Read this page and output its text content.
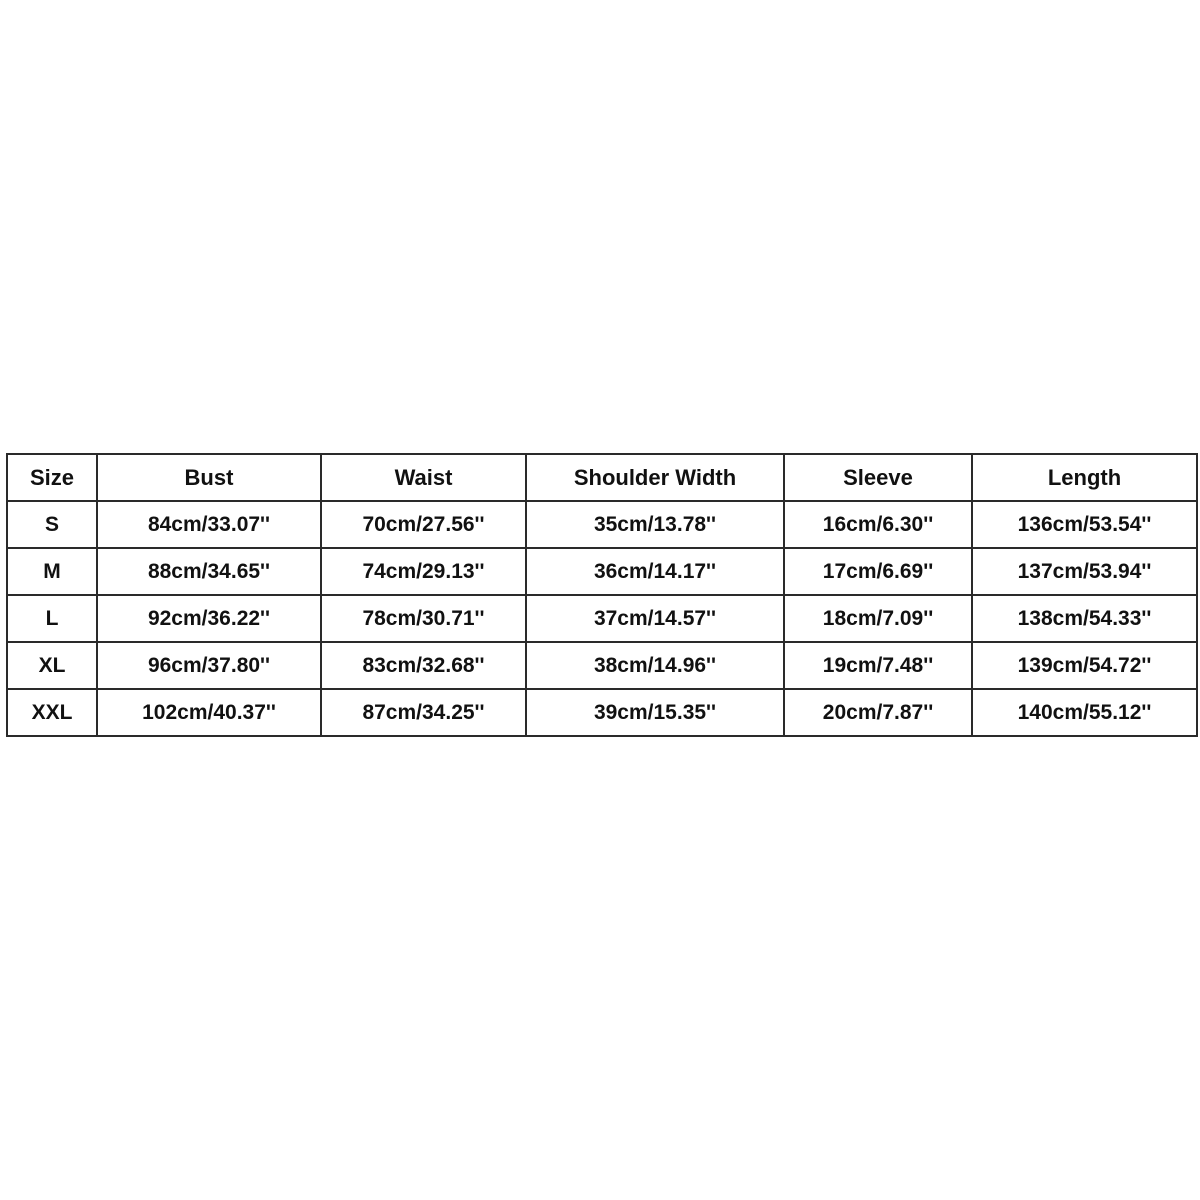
Size	Bust	Waist	Shoulder Width	Sleeve	Length
S	84cm/33.07''	70cm/27.56''	35cm/13.78''	16cm/6.30''	136cm/53.54''
M	88cm/34.65''	74cm/29.13''	36cm/14.17''	17cm/6.69''	137cm/53.94''
L	92cm/36.22''	78cm/30.71''	37cm/14.57''	18cm/7.09''	138cm/54.33''
XL	96cm/37.80''	83cm/32.68''	38cm/14.96''	19cm/7.48''	139cm/54.72''
XXL	102cm/40.37''	87cm/34.25''	39cm/15.35''	20cm/7.87''	140cm/55.12''
